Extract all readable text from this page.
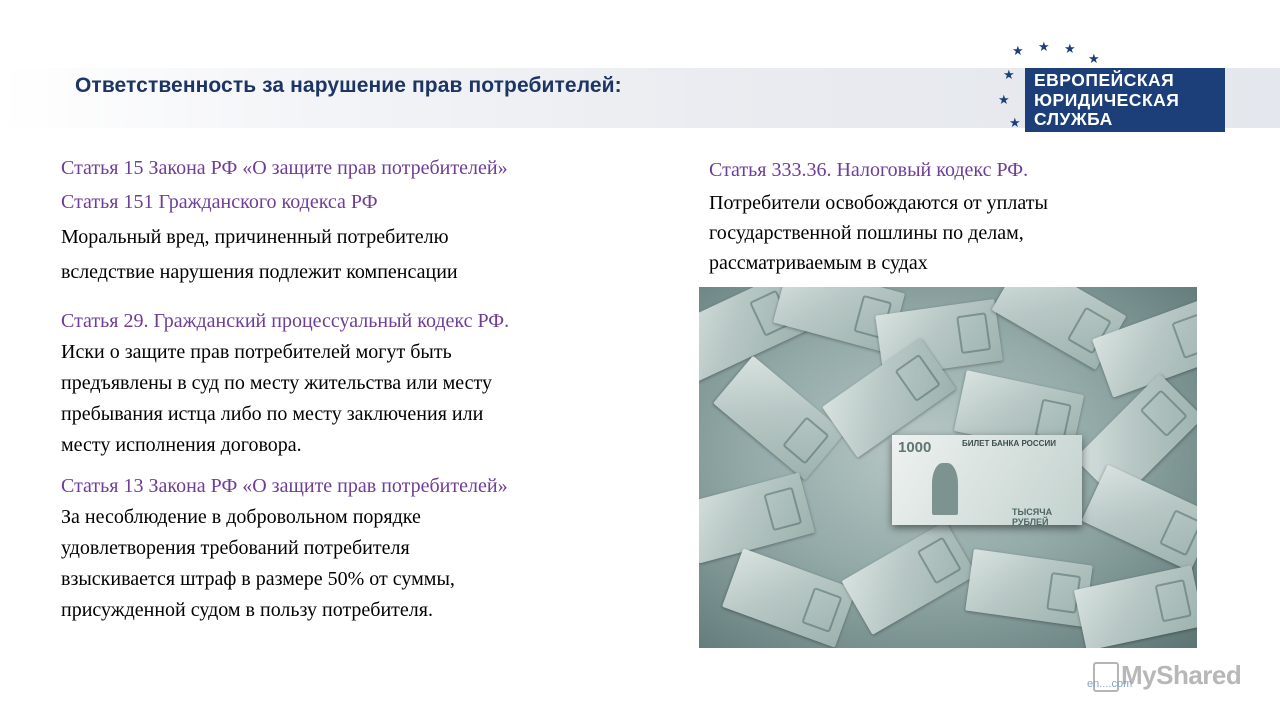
Ответственность за нарушение прав потребителей:
★ ★ ★
★
★
★
★
ЕВРОПЕЙСКАЯ
ЮРИДИЧЕСКАЯ
СЛУЖБА
Статья 15 Закона РФ «О защите прав потребителей»
Статья 151 Гражданского кодекса РФ
Моральный вред, причиненный потребителю
вследствие нарушения подлежит компенсации
Статья 29. Гражданский процессуальный кодекс РФ.
Иски о защите прав потребителей могут быть
предъявлены в суд по месту жительства или месту
пребывания истца либо по месту заключения или
месту исполнения договора.
Статья 13 Закона РФ «О защите прав потребителей»
За несоблюдение в добровольном порядке
удовлетворения требований потребителя
взыскивается штраф в размере 50% от суммы,
присужденной судом в пользу потребителя.
Статья 333.36. Налоговый кодекс РФ.
Потребители освобождаются от уплаты
государственной пошлины по делам,
рассматриваемым в судах
1000	БИЛЕТ БАНКА РОССИИ
ТЫСЯЧА РУБЛЕЙ
MyShared
en....com
